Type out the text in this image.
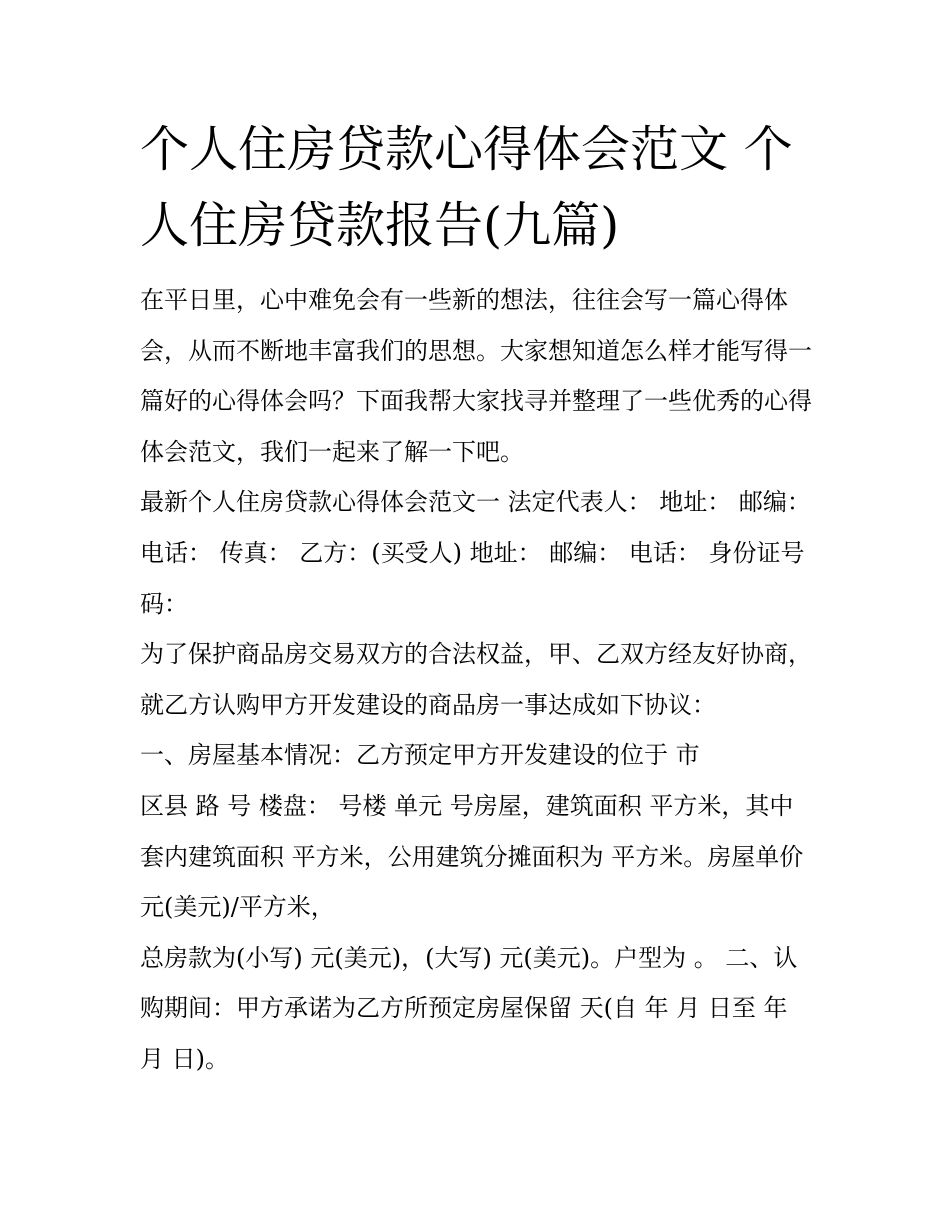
个人住房贷款心得体会范文 个人住房贷款报告(九篇)

在平日里，心中难免会有一些新的想法，往往会写一篇心得体会，从而不断地丰富我们的思想。大家想知道怎么样才能写得一篇好的心得体会吗？下面我帮大家找寻并整理了一些优秀的心得体会范文，我们一起来了解一下吧。

最新个人住房贷款心得体会范文一 法定代表人： 地址： 邮编： 电话： 传真： 乙方：(买受人) 地址： 邮编： 电话： 身份证号码：

为了保护商品房交易双方的合法权益，甲、乙双方经友好协商，就乙方认购甲方开发建设的商品房一事达成如下协议：

一、房屋基本情况：乙方预定甲方开发建设的位于 市

区县 路 号 楼盘： 号楼 单元 号房屋，建筑面积 平方米，其中套内建筑面积 平方米，公用建筑分摊面积为 平方米。房屋单价 元(美元)/平方米，

总房款为(小写) 元(美元)，(大写) 元(美元)。户型为 。 二、认购期间：甲方承诺为乙方所预定房屋保留 天(自 年 月 日至 年 月 日)。
